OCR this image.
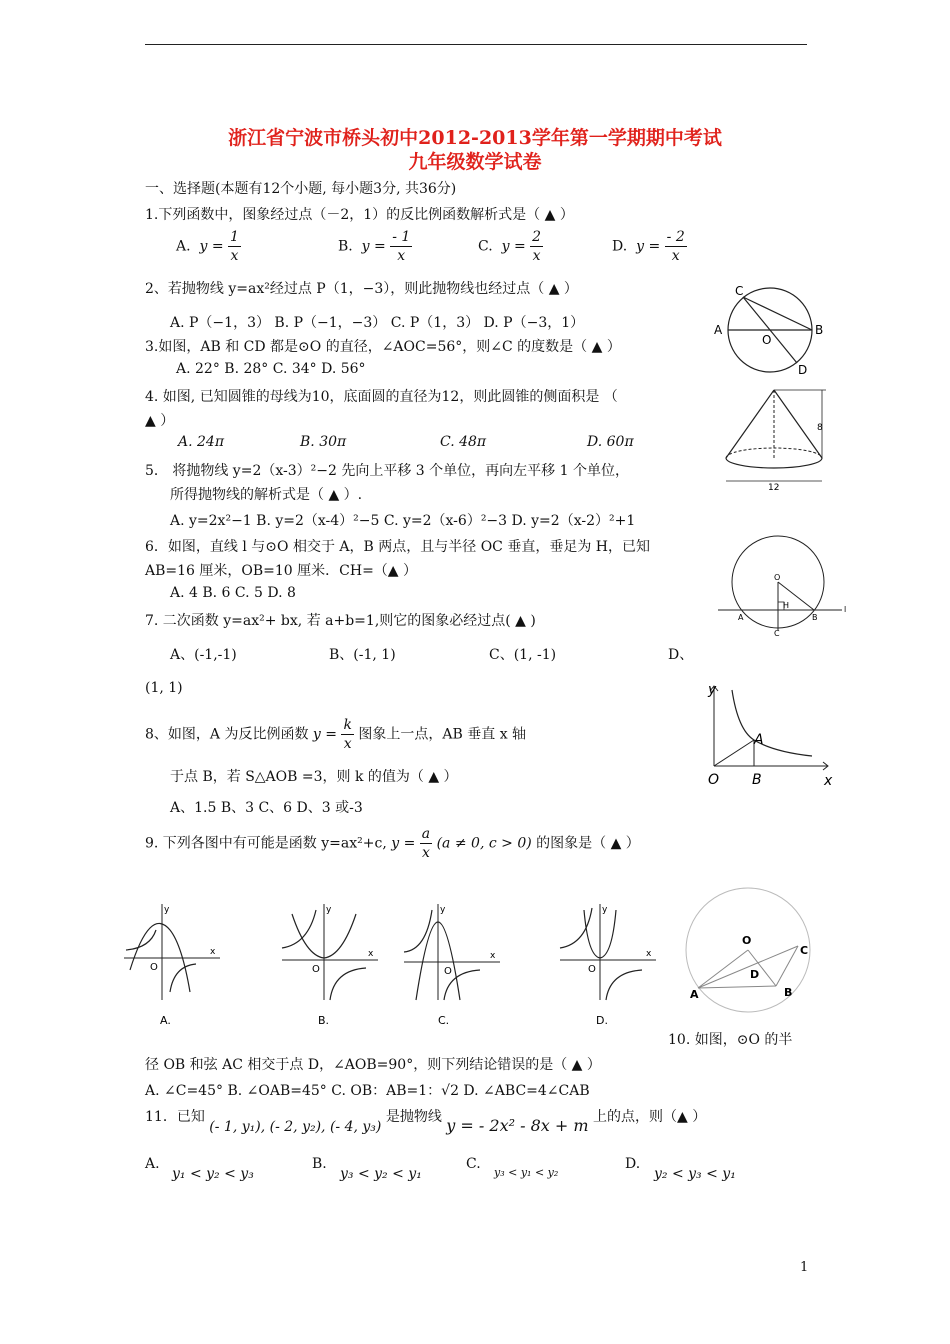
浙江省宁波市桥头初中2012-2013学年第一学期期中考试
九年级数学试卷
一、选择题(本题有12个小题, 每小题3分, 共36分)
1.下列函数中，图象经过点（－2，1）的反比例函数解析式是（ ▲ ）
A. $y = \frac{1}{x}$	B. $y = \frac{- 1}{x}$	C. $y = \frac{2}{x}$	D. $y = \frac{- 2}{x}$
2、若抛物线 y=ax²经过点 P（1，−3），则此抛物线也经过点（ ▲ ）
A. P（−1，3） B. P（−1，−3） C. P（1，3） D. P（−3，1）
3.如图，AB 和 CD 都是⊙O 的直径，∠AOC=56°，则∠C 的度数是（ ▲ ）
A. 22° B. 28° C. 34° D. 56°
4. 如图, 已知圆锥的母线为10，底面圆的直径为12，则此圆锥的侧面积是 （
▲ ）
A. 24π	B. 30π	C. 48π	D. 60π
5． 将抛物线 y=2（x-3）²−2 先向上平移 3 个单位，再向左平移 1 个单位，
所得抛物线的解析式是（ ▲ ）.
A. y=2x²−1 B. y=2（x-4）²−5 C. y=2（x-6）²−3 D. y=2（x-2）²+1
6．如图，直线 l 与⊙O 相交于 A，B 两点，且与半径 OC 垂直，垂足为 H，已知
AB=16 厘米，OB=10 厘米．CH=（▲ ）
A. 4 B. 6 C. 5 D. 8
7. 二次函数 y=ax²+ bx, 若 a+b=1,则它的图象必经过点( ▲ )
A、(-1,-1)	B、(-1, 1)	C、(1, -1)	D、
(1, 1)
8、如图，A 为反比例函数 $y = \frac{k}{x}$ 图象上一点，AB 垂直 x 轴
于点 B，若 S△AOB =3，则 k 的值为（ ▲ ）
A、1.5 B、3 C、6 D、3 或-3
9. 下列各图中有可能是函数 y=ax²+c, $y = \frac{a}{x} (a \ne 0$, c > 0) 的图象是（ ▲ ）
10. 如图，⊙O 的半
径 OB 和弦 AC 相交于点 D，∠AOB=90°，则下列结论错误的是（ ▲ ）
A. ∠C=45° B. ∠OAB=45° C. OB：AB=1：√2 D. ∠ABC=4∠CAB
11．已知 (- 1, y₁), (- 2, y₂), (- 4, y₃) 是抛物线 y = - 2x² - 8x + m 上的点，则（▲ ）
A.
y₁ < y₂ < y₃
B.
y₃ < y₂ < y₁
C.
y₃ < y₁ < y₂
D.
y₂ < y₃ < y₁
1
A	B
C
D
O
8
12
O
H
A	B
C
l
y
x
O
A
B
y
x
O
A.
y
x
O
B.
y
x
O
C.
y
x
O
D.
O
A	B
C
D
